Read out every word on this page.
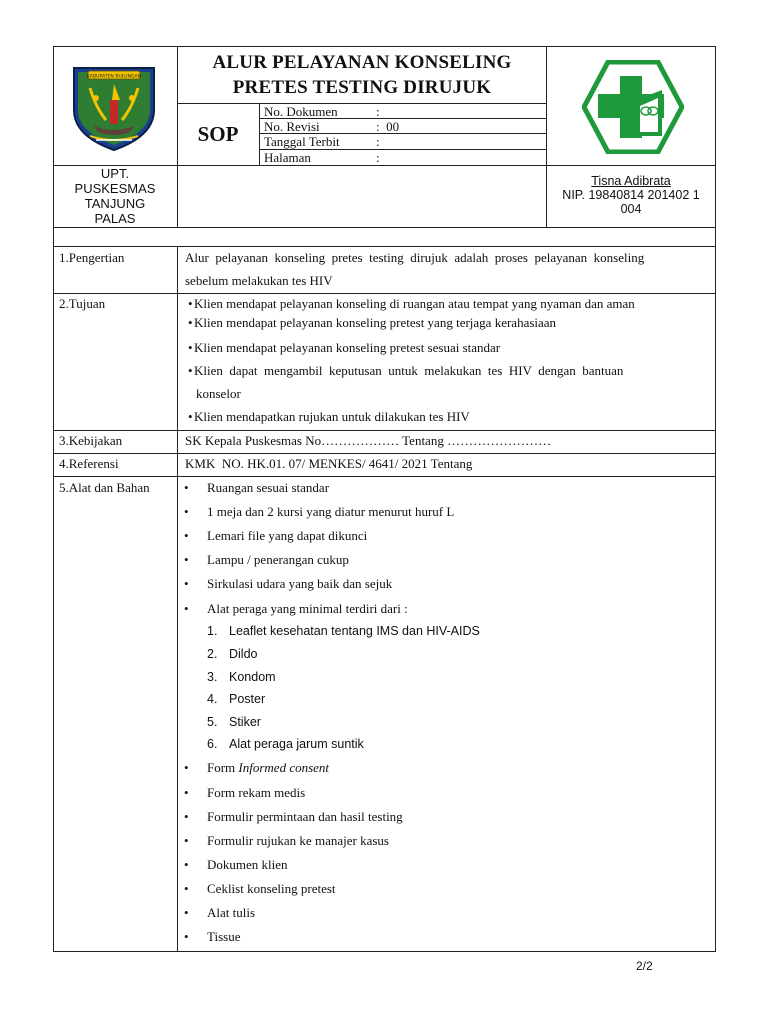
KABUPATEN BULUNGAN
ALUR PELAYANAN KONSELING
PRETES TESTING DIRUJUK
SOP
No. Dokumen	:
No. Revisi	: 00
Tanggal Terbit	:
Halaman	:
UPT.
PUSKESMAS
TANJUNG
PALAS
Tisna Adibrata
NIP. 19840814 201402 1
004
1.Pengertian	Alur  pelayanan  konseling  pretes  testing  dirujuk  adalah  proses  pelayanan  konseling
sebelum melakukan tes HIV
2.Tujuan	•Klien mendapat pelayanan konseling di ruangan atau tempat yang nyaman dan aman
•Klien mendapat pelayanan konseling pretest yang terjaga kerahasiaan
•Klien mendapat pelayanan konseling pretest sesuai standar
•Klien  dapat  mengambil  keputusan  untuk  melakukan  tes  HIV  dengan  bantuan
konselor
•Klien mendapatkan rujukan untuk dilakukan tes HIV
3.Kebijakan	SK Kepala Puskesmas No……………… Tentang ……………………
4.Referensi	KMK  NO. HK.01. 07/ MENKES/ 4641/ 2021 Tentang
5.Alat dan Bahan	• Ruangan sesuai standar
• 1 meja dan 2 kursi yang diatur menurut huruf L
• Lemari file yang dapat dikunci
• Lampu / penerangan cukup
• Sirkulasi udara yang baik dan sejuk
• Alat peraga yang minimal terdiri dari :
1. Leaflet kesehatan tentang IMS dan HIV-AIDS
2. Dildo
3. Kondom
4. Poster
5. Stiker
6. Alat peraga jarum suntik
• Form Informed consent
• Form rekam medis
• Formulir permintaan dan hasil testing
• Formulir rujukan ke manajer kasus
• Dokumen klien
• Ceklist konseling pretest
• Alat tulis
• Tissue
2/2
